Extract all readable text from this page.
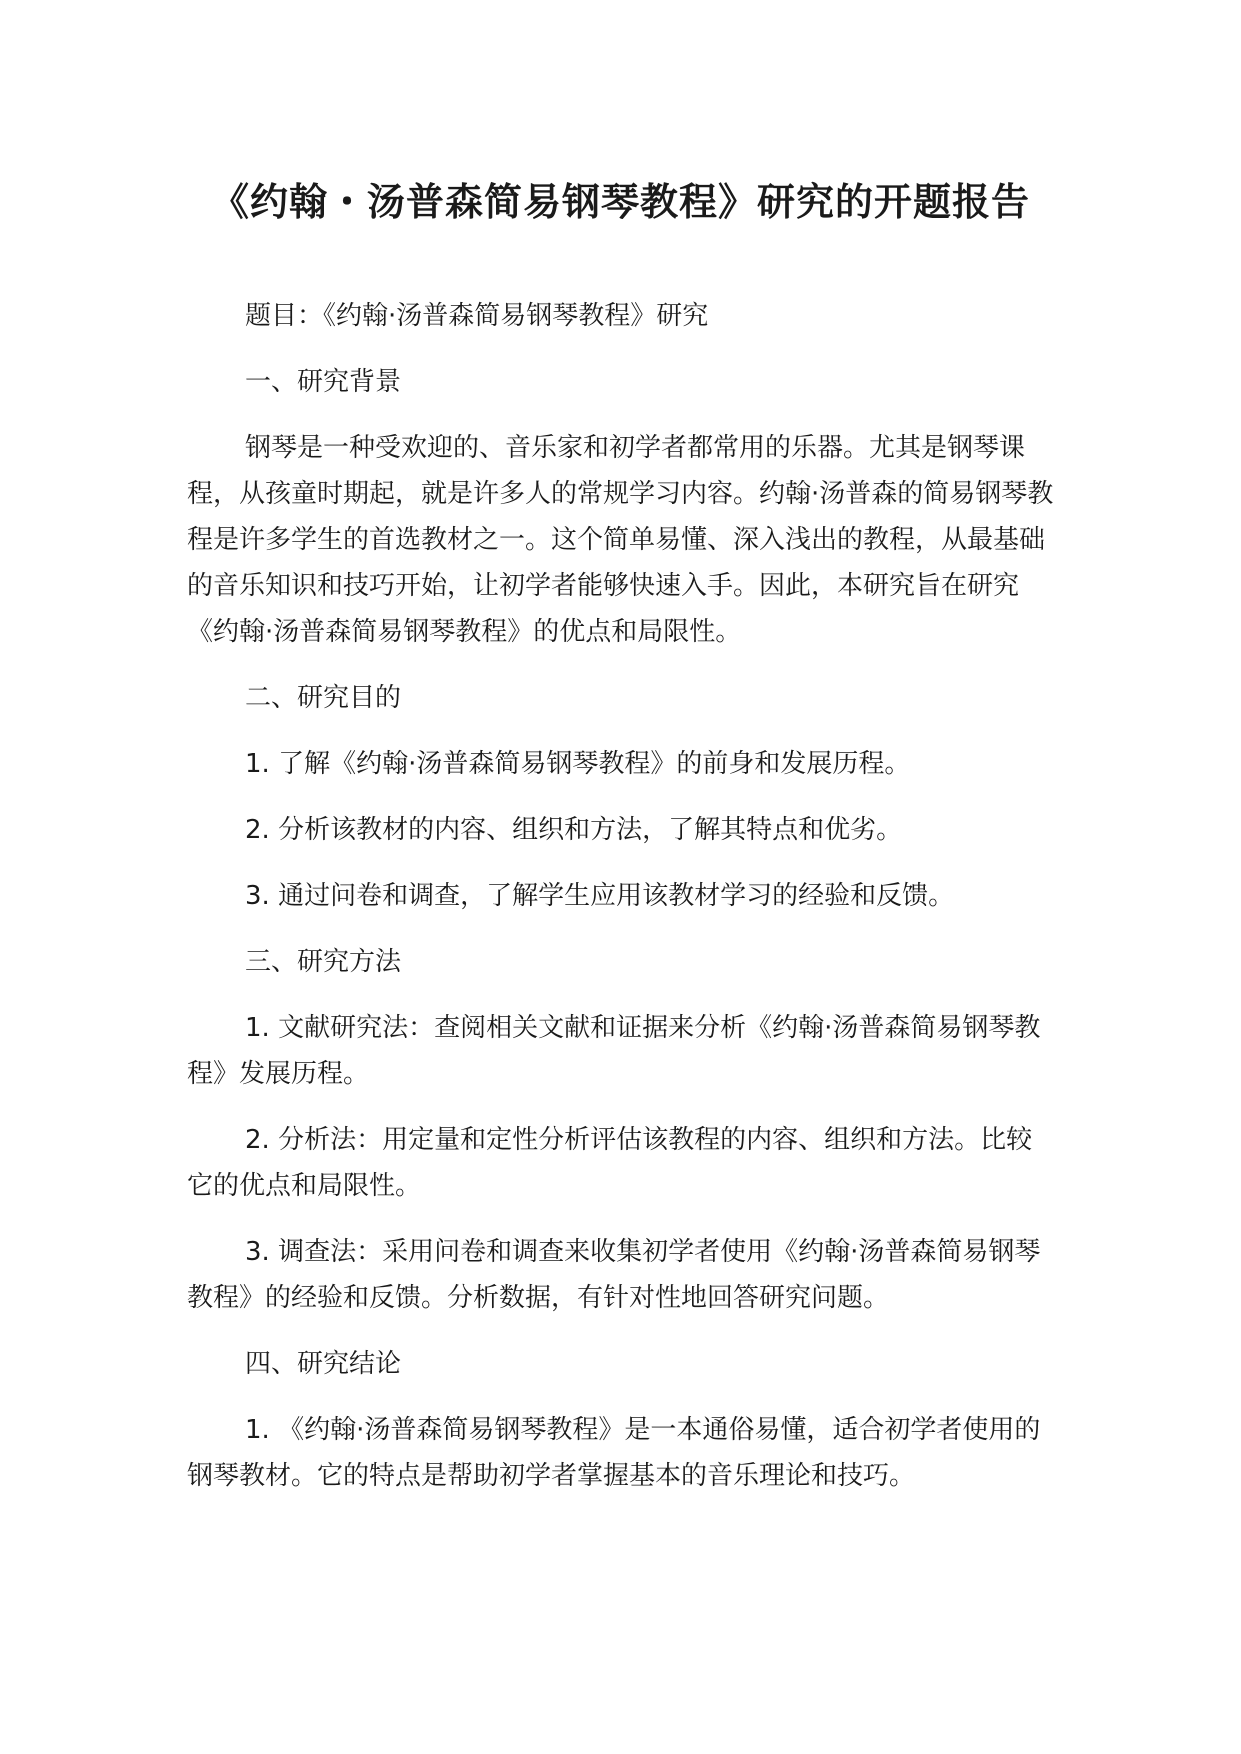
《约翰・汤普森简易钢琴教程》研究的开题报告

题目：《约翰·汤普森简易钢琴教程》研究

一、研究背景

钢琴是一种受欢迎的、音乐家和初学者都常用的乐器。尤其是钢琴课程，从孩童时期起，就是许多人的常规学习内容。约翰·汤普森的简易钢琴教程是许多学生的首选教材之一。这个简单易懂、深入浅出的教程，从最基础的音乐知识和技巧开始，让初学者能够快速入手。因此，本研究旨在研究《约翰·汤普森简易钢琴教程》的优点和局限性。

二、研究目的

1. 了解《约翰·汤普森简易钢琴教程》的前身和发展历程。

2. 分析该教材的内容、组织和方法，了解其特点和优劣。

3. 通过问卷和调查，了解学生应用该教材学习的经验和反馈。

三、研究方法

1. 文献研究法：查阅相关文献和证据来分析《约翰·汤普森简易钢琴教程》发展历程。

2. 分析法：用定量和定性分析评估该教程的内容、组织和方法。比较它的优点和局限性。

3. 调查法：采用问卷和调查来收集初学者使用《约翰·汤普森简易钢琴教程》的经验和反馈。分析数据，有针对性地回答研究问题。

四、研究结论

1. 《约翰·汤普森简易钢琴教程》是一本通俗易懂，适合初学者使用的钢琴教材。它的特点是帮助初学者掌握基本的音乐理论和技巧。
